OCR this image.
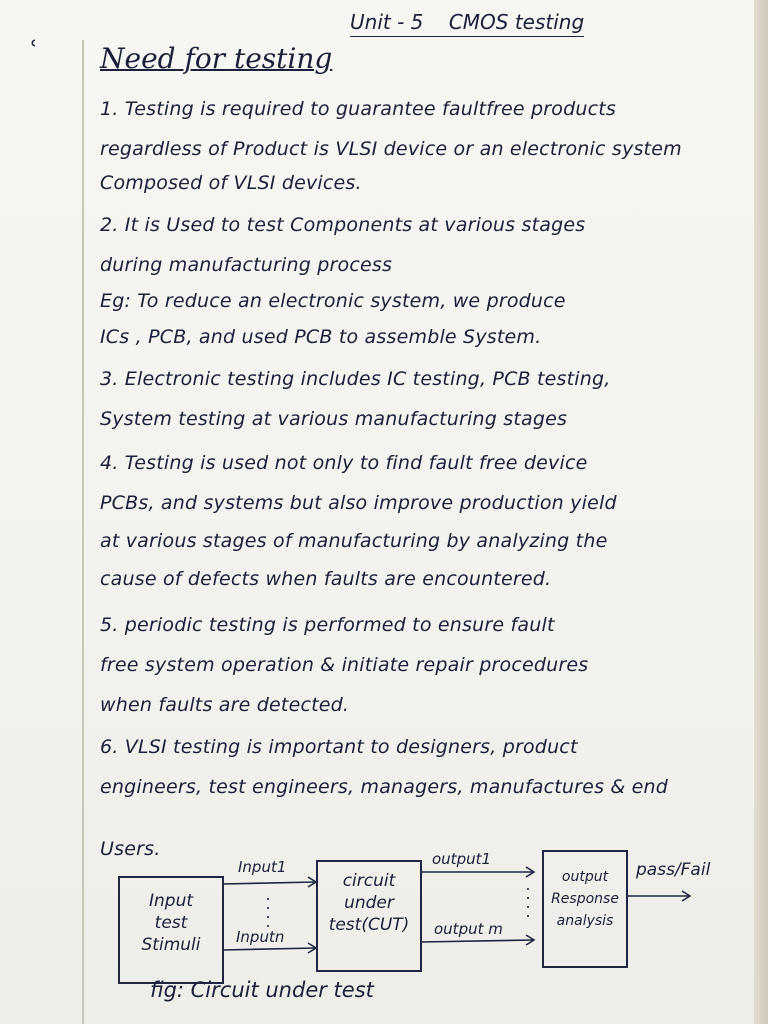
ʿ
Unit - 5 CMOS testing
Need for testing
1. Testing is required to guarantee faultfree products
regardless of Product is VLSI device or an electronic system
Composed of VLSI devices.
2. It is Used to test Components at various stages
during manufacturing process
Eg: To reduce an electronic system, we produce
ICs , PCB, and used PCB to assemble System.
3. Electronic testing includes IC testing, PCB testing,
System testing at various manufacturing stages
4. Testing is used not only to find fault free device
PCBs, and systems but also improve production yield
at various stages of manufacturing by analyzing the
cause of defects when faults are encountered.
5. periodic testing is performed to ensure fault
free system operation & initiate repair procedures
when faults are detected.
6. VLSI testing is important to designers, product
engineers, test engineers, managers, manufactures & end
Users.
Input
test
Stimuli
circuit
under
test(CUT)
output
Response
analysis
Input1
Inputn
output1
output m
pass/Fail
fig: Circuit under test
